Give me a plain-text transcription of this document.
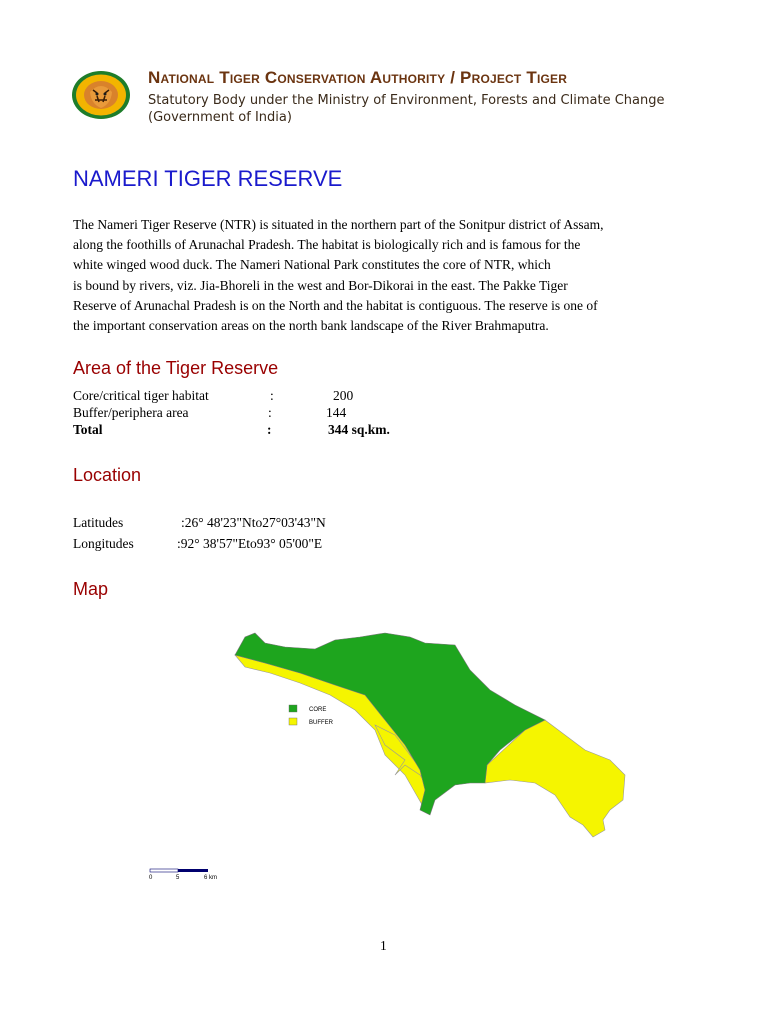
National Tiger Conservation Authority / Project Tiger
Statutory Body under the Ministry of Environment, Forests and Climate Change
(Government of India)
NAMERI TIGER RESERVE
The Nameri Tiger Reserve (NTR) is situated in the northern part of the Sonitpur district of Assam,
along the foothills of Arunachal Pradesh. The habitat is biologically rich and is famous for the
white winged wood duck. The Nameri National Park constitutes the core of NTR, which
is bound by rivers, viz. Jia-Bhoreli in the west and Bor-Dikorai in the east. The Pakke Tiger
Reserve of Arunachal Pradesh is on the North and the habitat is contiguous. The reserve is one of
the important conservation areas on the north bank landscape of the River Brahmaputra.
Area of the Tiger Reserve
Core/critical tiger habitat	:	200
Buffer/periphera area	:	144
Total	:	344 sq.km.
Location
Latitudes	:26° 48'23"Nto27°03'43"N
Longitudes	:92° 38'57"Eto93° 05'00"E
Map
CORE
BUFFER
0	5	6 km
1
